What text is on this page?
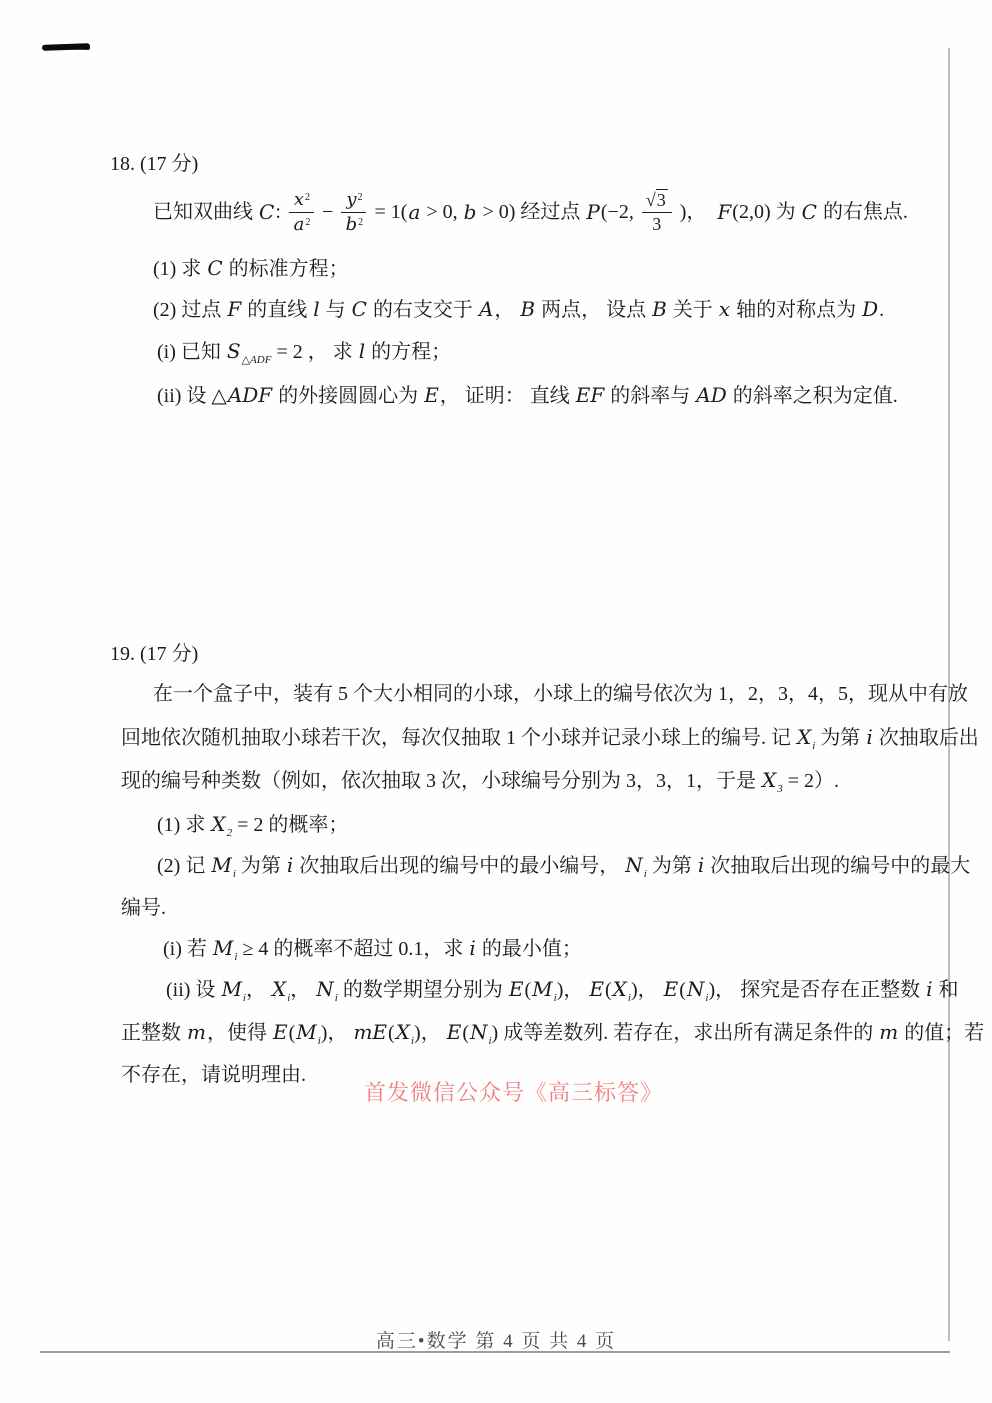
18. (17 分)
已知双曲线 C : $\frac{x^2}{a^2} - \frac{y^2}{b^2} = 1$( a > 0, b > 0) 经过点 P (−2, $\frac{√3}{3}$ )， F (2,0) 为 C 的右焦点.
(1) 求 C 的标准方程；
(2) 过点 F 的直线 l 与 C 的右支交于 A， B 两点， 设点 B 关于 x 轴的对称点为 D.
(i) 已知 $S_{\triangle ADF} = 2$ ， 求 l 的方程；
(ii) 设 △ADF 的外接圆圆心为 E， 证明： 直线 EF 的斜率与 AD 的斜率之积为定值.
19. (17 分)
在一个盒子中，装有 5 个大小相同的小球，小球上的编号依次为 1，2，3，4，5，现从中有放
回地依次随机抽取小球若干次，每次仅抽取 1 个小球并记录小球上的编号. 记 $X_i$ 为第 i 次抽取后出
现的编号种类数（例如，依次抽取 3 次，小球编号分别为 3，3，1，于是 $X_3 = 2$）.
(1) 求 $X_2 = 2$ 的概率；
(2) 记 $M_i$ 为第 i 次抽取后出现的编号中的最小编号， $N_i$ 为第 i 次抽取后出现的编号中的最大
编号.
(i) 若 $M_i \ge 4$ 的概率不超过 0.1，求 i 的最小值；
(ii) 设 $M_i$， $X_i$， $N_i$ 的数学期望分别为 $E(M_i)$， $E(X_i)$， $E(N_i)$， 探究是否存在正整数 i 和
正整数 m，使得 $E(M_i)$， $mE(X_i)$， $E(N_i)$ 成等差数列. 若存在，求出所有满足条件的 m 的值；若
不存在，请说明理由.
首发微信公众号《高三标答》
高三•数学 第 4 页 共 4 页
